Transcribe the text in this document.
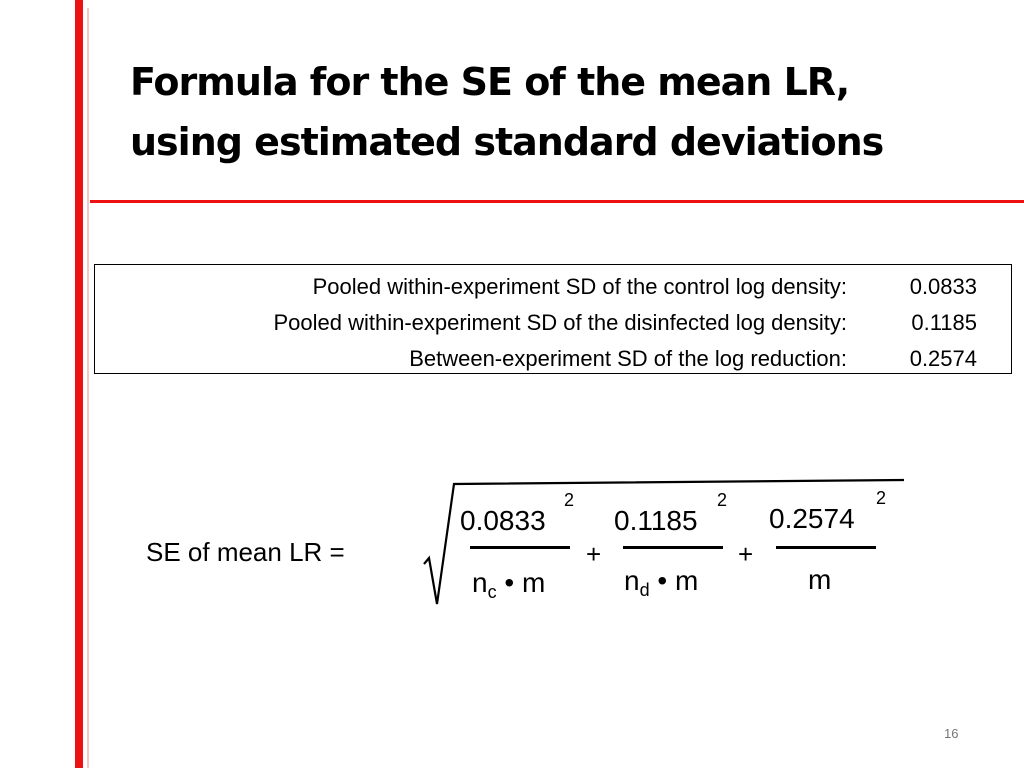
Formula for the SE of the mean LR,
using estimated standard deviations
Pooled within-experiment SD of the control log density:	0.0833
Pooled within-experiment SD of the disinfected log density:	0.1185
Between-experiment SD of the log reduction:	0.2574
SE of mean LR =
0.0833
2
$n_c$ • m
+
0.1185
2
$n_d$ • m
+
0.2574
2
m
16
